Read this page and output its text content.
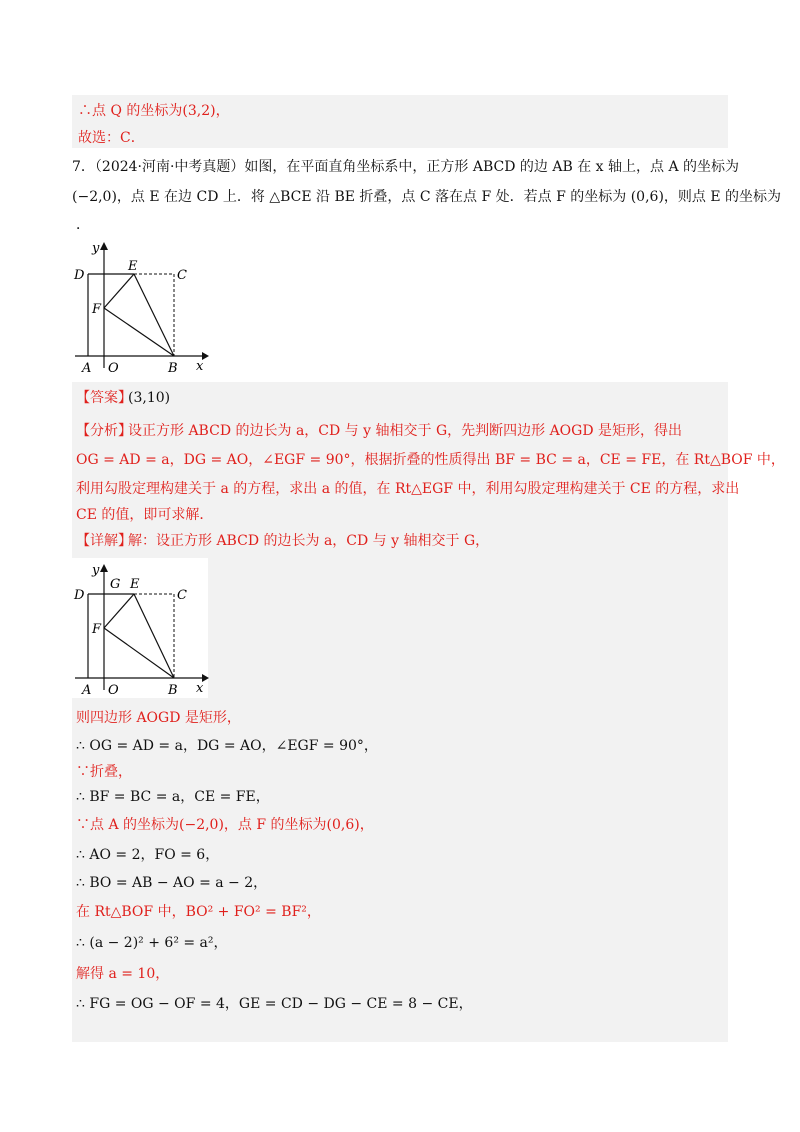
∴点 Q 的坐标为(3,2)，
故选：C．
7．（2024·河南·中考真题）如图，在平面直角坐标系中，正方形 ABCD 的边 AB 在 x 轴上，点 A 的坐标为
(−2,0)，点 E 在边 CD 上．将 △BCE 沿 BE 折叠，点 C 落在点 F 处．若点 F 的坐标为 (0,6)，则点 E 的坐标为
．
y
D
E
C
F
A O	B x
【答案】
(3,10)
【分析】
设正方形 ABCD 的边长为 a，CD 与 y 轴相交于 G，先判断四边形 AOGD 是矩形，得出
OG = AD = a，DG = AO，∠EGF = 90°，根据折叠的性质得出 BF = BC = a，CE = FE，在 Rt△BOF 中，
利用勾股定理构建关于 a 的方程，求出 a 的值，在 Rt△EGF 中，利用勾股定理构建关于 CE 的方程，求出
CE 的值，即可求解．
【详解】
解：设正方形 ABCD 的边长为 a，CD 与 y 轴相交于 G，
y
G
D
E
C
F
A O	B x
则四边形 AOGD 是矩形，
∴ OG = AD = a，DG = AO，∠EGF = 90°，
∵折叠，
∴ BF = BC = a，CE = FE，
∵点 A 的坐标为(−2,0)，点 F 的坐标为(0,6)，
∴ AO = 2，FO = 6，
∴ BO = AB − AO = a − 2，
在 Rt△BOF 中，BO² + FO² = BF²，
∴ (a − 2)² + 6² = a²，
解得 a = 10，
∴ FG = OG − OF = 4，GE = CD − DG − CE = 8 − CE，
